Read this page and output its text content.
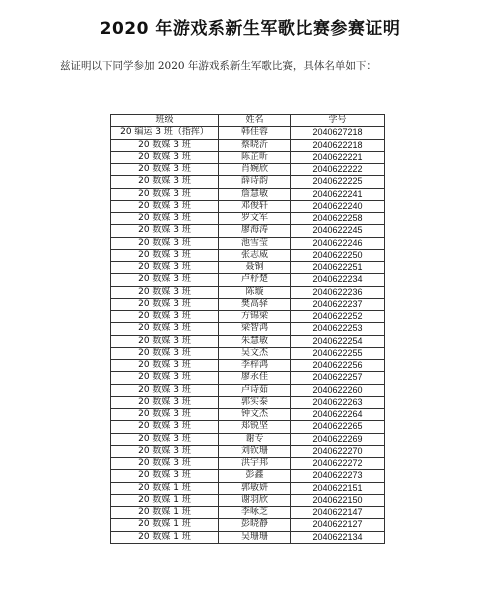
2020 年游戏系新生军歌比赛参赛证明
兹证明以下同学参加 2020 年游戏系新生军歌比赛，具体名单如下：
班级	姓名	学号
20 编运 3 班（指挥）	韩佳蓉	2040627218
20 数媒 3 班	蔡晓沂	2040622218
20 数媒 3 班	陈芷昕	2040622221
20 数媒 3 班	肖婉欣	2040622222
20 数媒 3 班	薛诗韵	2040622225
20 数媒 3 班	詹慧敏	2040622241
20 数媒 3 班	邓俊轩	2040622240
20 数媒 3 班	罗文军	2040622258
20 数媒 3 班	廖海涛	2040622245
20 数媒 3 班	池雪莹	2040622246
20 数媒 3 班	张志威	2040622250
20 数媒 3 班	聂铜	2040622251
20 数媒 3 班	卢杼楚	2040622234
20 数媒 3 班	陈璇	2040622236
20 数媒 3 班	樊高驿	2040622237
20 数媒 3 班	方锦梁	2040622252
20 数媒 3 班	梁智鸿	2040622253
20 数媒 3 班	朱慧敏	2040622254
20 数媒 3 班	吴文杰	2040622255
20 数媒 3 班	李梓鸿	2040622256
20 数媒 3 班	廖永佳	2040622257
20 数媒 3 班	卢诗茹	2040622260
20 数媒 3 班	郭实泰	2040622263
20 数媒 3 班	钟文杰	2040622264
20 数媒 3 班	郑锐坚	2040622265
20 数媒 3 班	谢专	2040622269
20 数媒 3 班	刘钦珊	2040622270
20 数媒 3 班	洪宇邦	2040622272
20 数媒 3 班	彭鑫	2040622273
20 数媒 1 班	郭敏妍	2040622151
20 数媒 1 班	谢羽欣	2040622150
20 数媒 1 班	李咏芝	2040622147
20 数媒 1 班	彭晓静	2040622127
20 数媒 1 班	吴珊珊	2040622134
